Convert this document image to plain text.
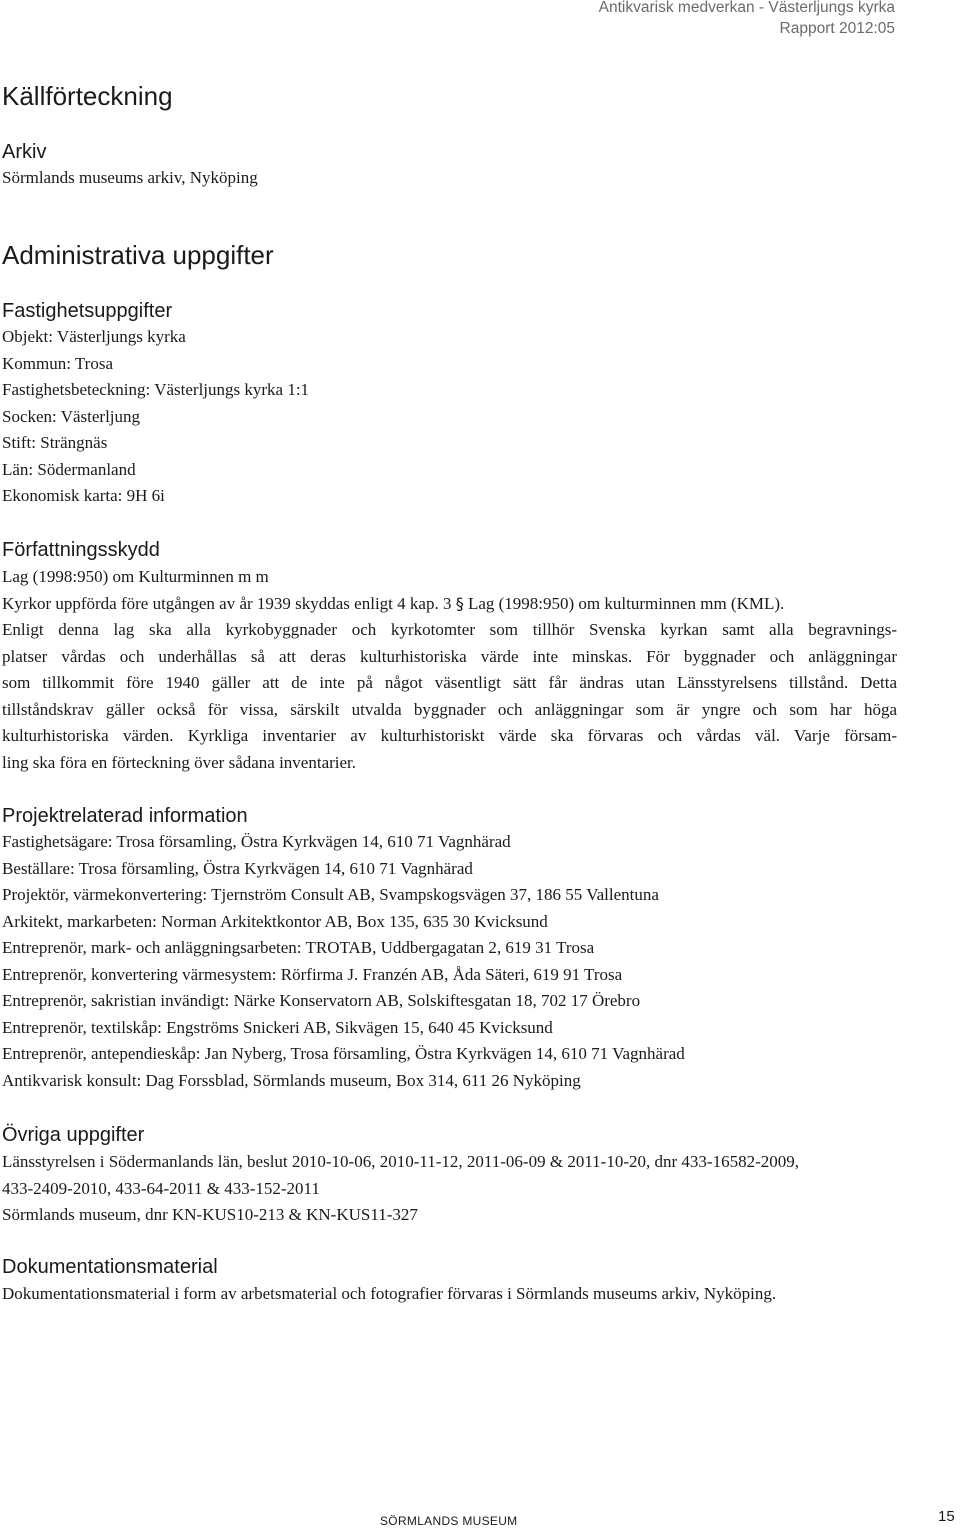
Antikvarisk medverkan - Västerljungs kyrka
Rapport 2012:05
Källförteckning
Arkiv
Sörmlands museums arkiv, Nyköping
Administrativa uppgifter
Fastighetsuppgifter
Objekt: Västerljungs kyrka
Kommun: Trosa
Fastighetsbeteckning: Västerljungs kyrka 1:1
Socken: Västerljung
Stift: Strängnäs
Län: Södermanland
Ekonomisk karta: 9H 6i
Författningsskydd
Lag (1998:950) om Kulturminnen m m
Kyrkor uppförda före utgången av år 1939 skyddas enligt 4 kap. 3 § Lag (1998:950) om kulturminnen mm (KML).
Enligt denna lag ska alla kyrkobyggnader och kyrkotomter som tillhör Svenska kyrkan samt alla begravnings-
platser vårdas och underhållas så att deras kulturhistoriska värde inte minskas. För byggnader och anläggningar
som tillkommit före 1940 gäller att de inte på något väsentligt sätt får ändras utan Länsstyrelsens tillstånd. Detta
tillståndskrav gäller också för vissa, särskilt utvalda byggnader och anläggningar som är yngre och som har höga
kulturhistoriska värden. Kyrkliga inventarier av kulturhistoriskt värde ska förvaras och vårdas väl. Varje försam-
ling ska föra en förteckning över sådana inventarier.
Projektrelaterad information
Fastighetsägare: Trosa församling, Östra Kyrkvägen 14, 610 71 Vagnhärad
Beställare: Trosa församling, Östra Kyrkvägen 14, 610 71 Vagnhärad
Projektör, värmekonvertering: Tjernström Consult AB, Svampskogsvägen 37, 186 55 Vallentuna
Arkitekt, markarbeten: Norman Arkitektkontor AB, Box 135, 635 30 Kvicksund
Entreprenör, mark- och anläggningsarbeten: TROTAB, Uddbergagatan 2, 619 31 Trosa
Entreprenör, konvertering värmesystem: Rörfirma J. Franzén AB, Åda Säteri, 619 91 Trosa
Entreprenör, sakristian invändigt: Närke Konservatorn AB, Solskiftesgatan 18, 702 17 Örebro
Entreprenör, textilskåp: Engströms Snickeri AB, Sikvägen 15, 640 45 Kvicksund
Entreprenör, antependieskåp: Jan Nyberg, Trosa församling, Östra Kyrkvägen 14, 610 71 Vagnhärad
Antikvarisk konsult: Dag Forssblad, Sörmlands museum, Box 314, 611 26 Nyköping
Övriga uppgifter
Länsstyrelsen i Södermanlands län, beslut 2010-10-06, 2010-11-12, 2011-06-09 & 2011-10-20, dnr 433-16582-2009,
433-2409-2010, 433-64-2011 & 433-152-2011
Sörmlands museum, dnr KN-KUS10-213 & KN-KUS11-327
Dokumentationsmaterial
Dokumentationsmaterial i form av arbetsmaterial och fotografier förvaras i Sörmlands museums arkiv, Nyköping.
SÖRMLANDS MUSEUM	15
